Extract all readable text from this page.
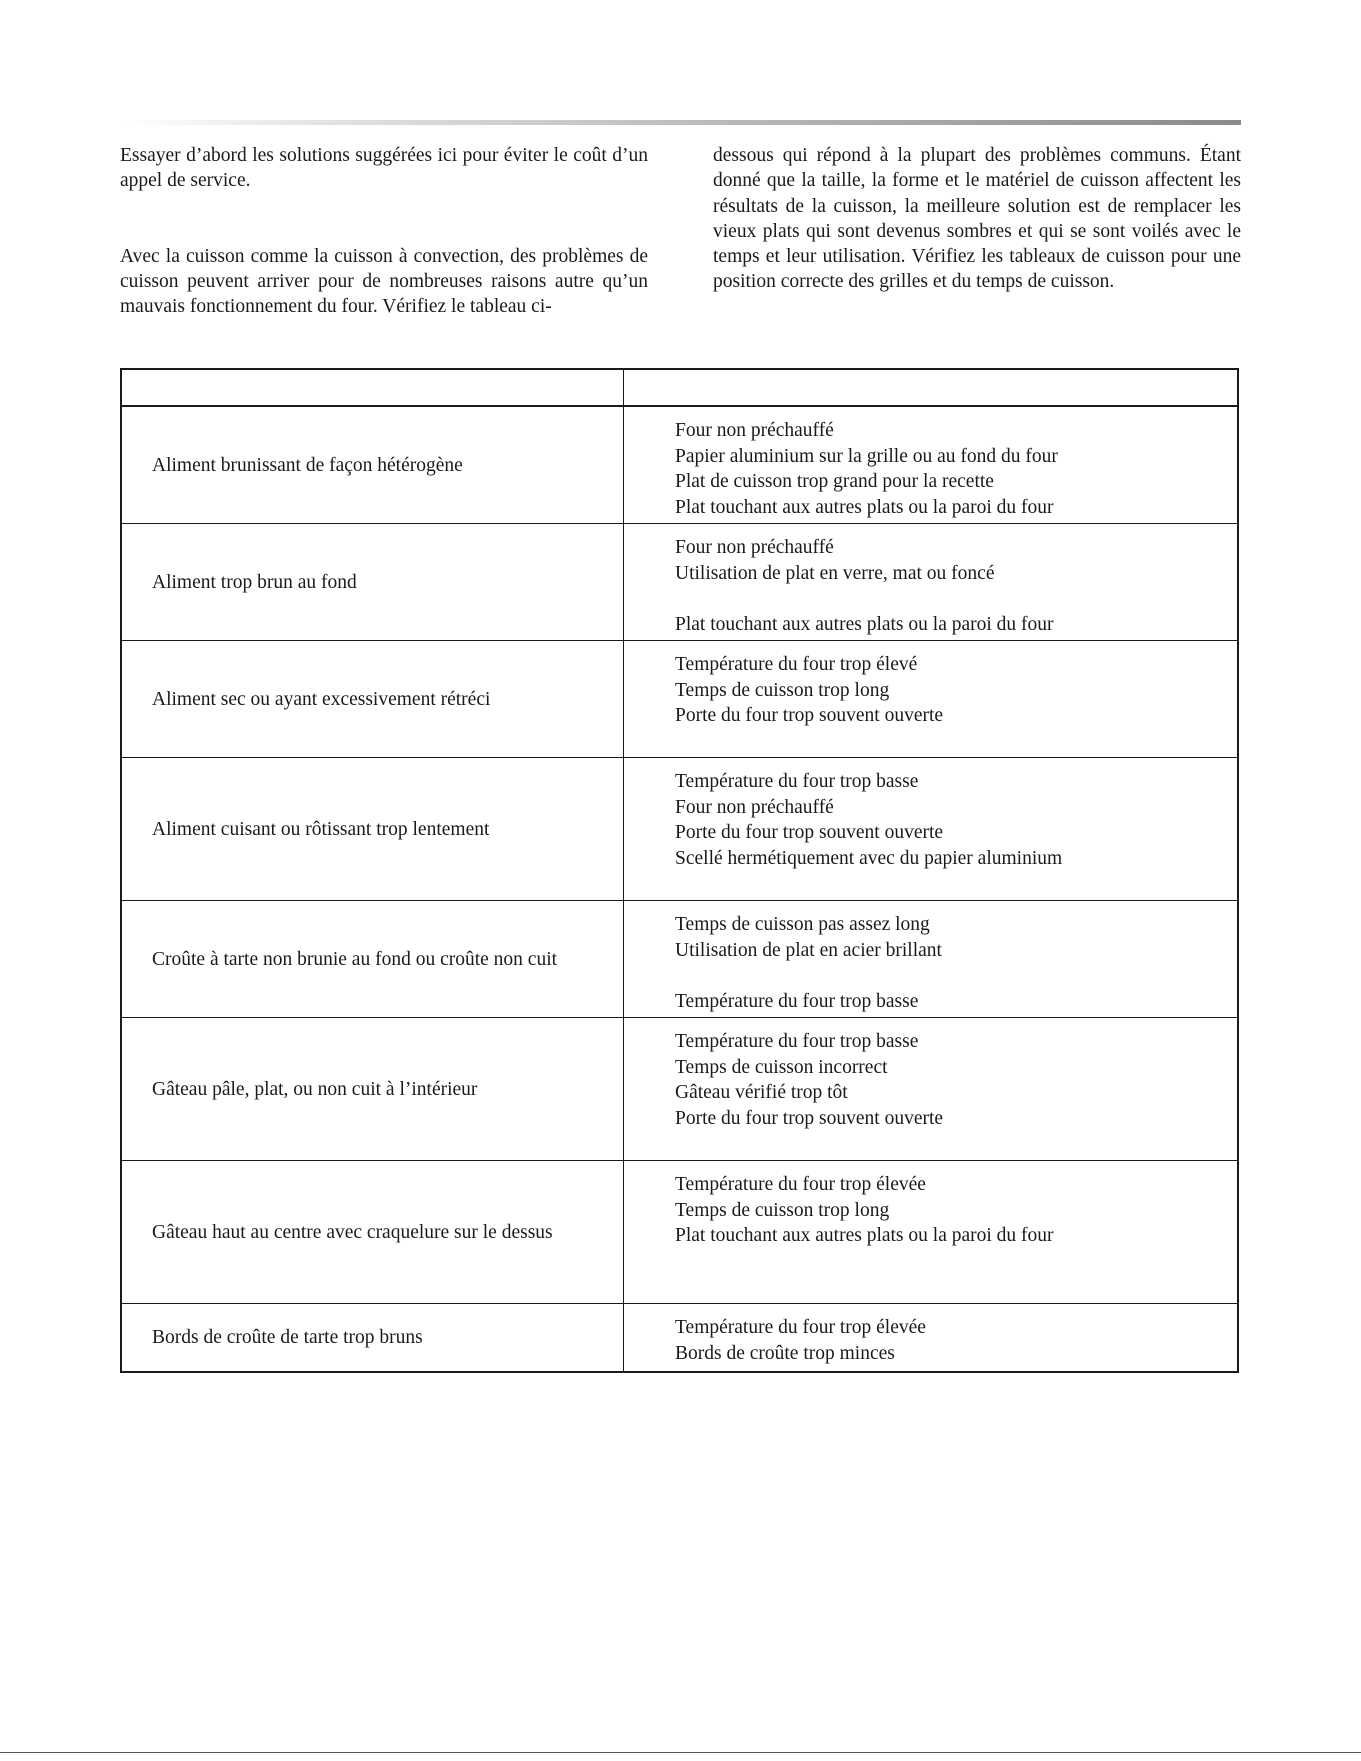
Essayer d’abord les solutions suggérées ici pour éviter le coût d’un appel de service.

Avec la cuisson comme la cuisson à convection, des problèmes de cuisson peuvent arriver pour de nombreuses raisons autre qu’un mauvais fonctionnement du four. Vérifiez le tableau ci-

dessous qui répond à la plupart des problèmes communs. Étant donné que la taille, la forme et le matériel de cuisson affectent les résultats de la cuisson, la meilleure solution est de remplacer les vieux plats qui sont devenus sombres et qui se sont voilés avec le temps et leur utilisation. Vérifiez les tableaux de cuisson pour une position correcte des grilles et du temps de cuisson.

Aliment brunissant de façon hétérogène
Four non préchauffé
Papier aluminium sur la grille ou au fond du four
Plat de cuisson trop grand pour la recette
Plat touchant aux autres plats ou la paroi du four
Aliment trop brun au fond
Four non préchauffé
Utilisation de plat en verre, mat ou foncé
Plat touchant aux autres plats ou la paroi du four
Aliment sec ou ayant excessivement rétréci
Température du four trop élevé
Temps de cuisson trop long
Porte du four trop souvent ouverte
Aliment cuisant ou rôtissant trop lentement
Température du four trop basse
Four non préchauffé
Porte du four trop souvent ouverte
Scellé hermétiquement avec du papier aluminium
Croûte à tarte non brunie au fond ou croûte non cuit
Temps de cuisson pas assez long
Utilisation de plat en acier brillant
Température du four trop basse
Gâteau pâle, plat, ou non cuit à l’intérieur
Température du four trop basse
Temps de cuisson incorrect
Gâteau vérifié trop tôt
Porte du four trop souvent ouverte
Gâteau haut au centre avec craquelure sur le dessus
Température du four trop élevée
Temps de cuisson trop long
Plat touchant aux autres plats ou la paroi du four
Bords de croûte de tarte trop bruns	Température du four trop élevée
Bords de croûte trop minces
